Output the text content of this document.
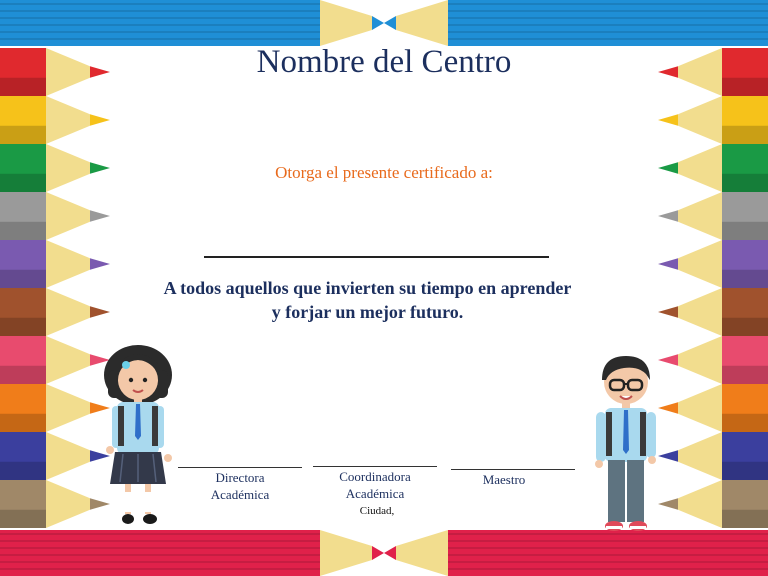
Nombre del Centro
Otorga el presente certificado a:
A todos aquellos que invierten su tiempo en aprender
y forjar un mejor futuro.
Directora
Académica
Coordinadora
Académica
Maestro
Ciudad,
